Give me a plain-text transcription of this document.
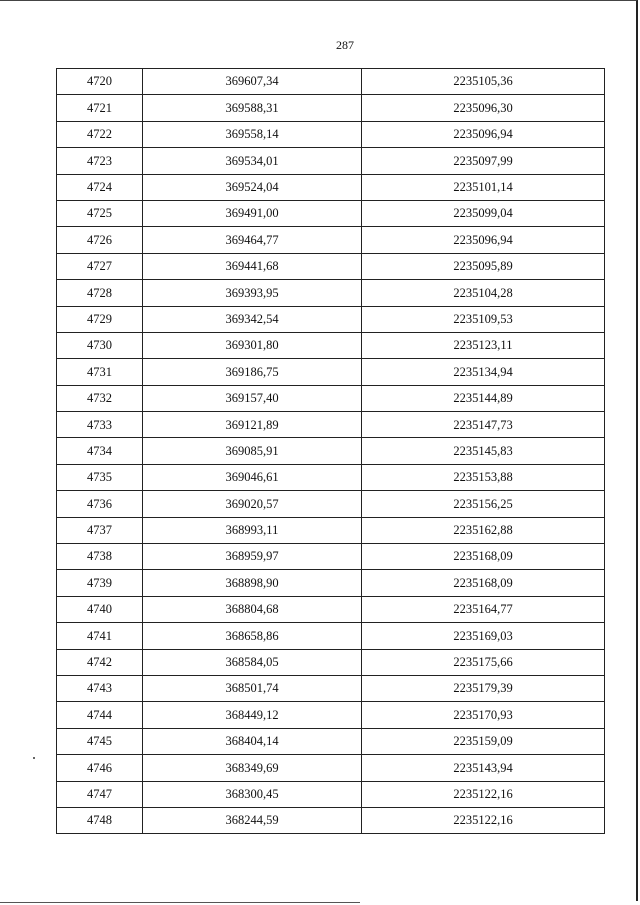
287
4720	369607,34	2235105,36
4721	369588,31	2235096,30
4722	369558,14	2235096,94
4723	369534,01	2235097,99
4724	369524,04	2235101,14
4725	369491,00	2235099,04
4726	369464,77	2235096,94
4727	369441,68	2235095,89
4728	369393,95	2235104,28
4729	369342,54	2235109,53
4730	369301,80	2235123,11
4731	369186,75	2235134,94
4732	369157,40	2235144,89
4733	369121,89	2235147,73
4734	369085,91	2235145,83
4735	369046,61	2235153,88
4736	369020,57	2235156,25
4737	368993,11	2235162,88
4738	368959,97	2235168,09
4739	368898,90	2235168,09
4740	368804,68	2235164,77
4741	368658,86	2235169,03
4742	368584,05	2235175,66
4743	368501,74	2235179,39
4744	368449,12	2235170,93
4745	368404,14	2235159,09
4746	368349,69	2235143,94
4747	368300,45	2235122,16
4748	368244,59	2235122,16
